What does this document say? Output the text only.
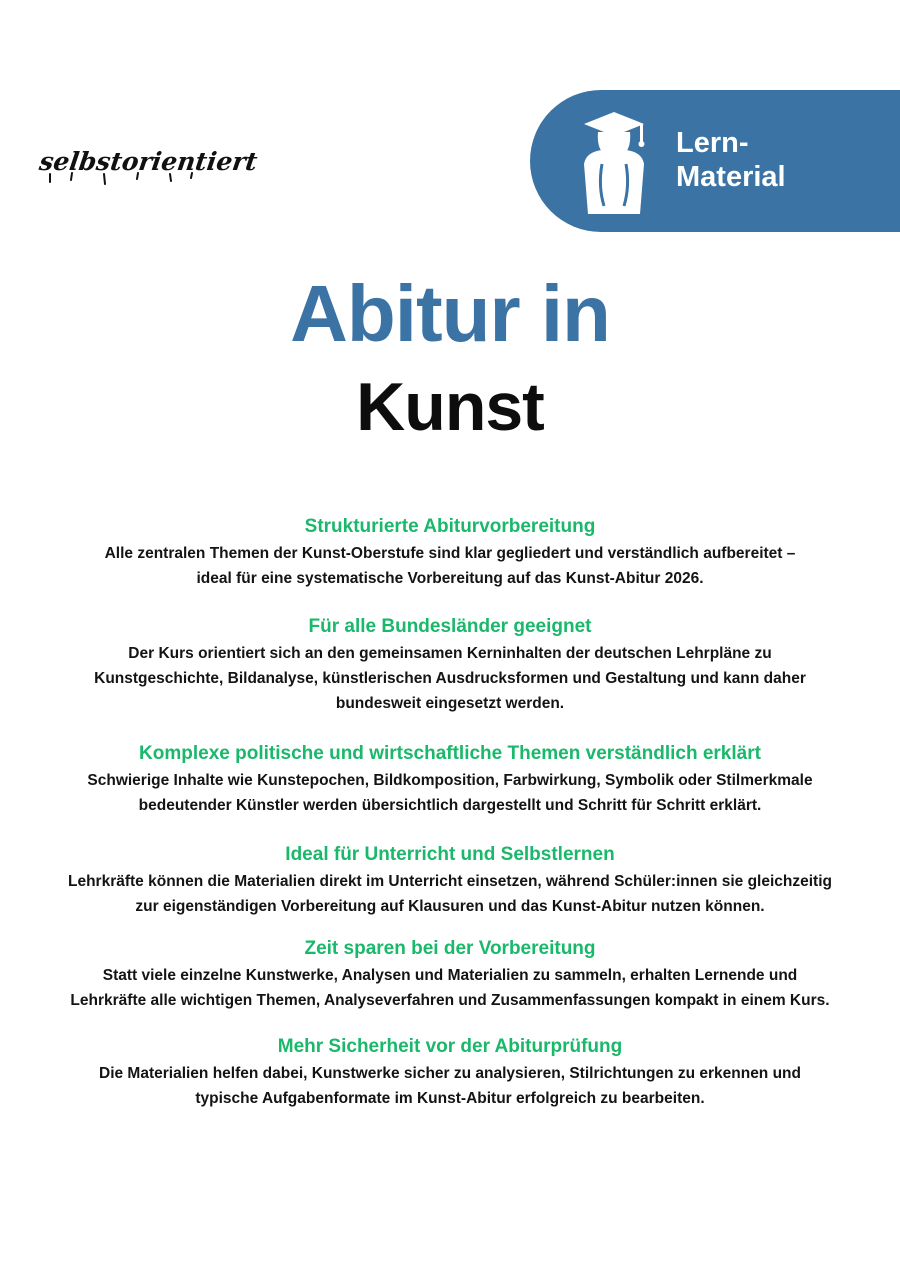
selbstorientiert
Lern-
Material
Abitur in
Kunst
Strukturierte Abiturvorbereitung

Alle zentralen Themen der Kunst-Oberstufe sind klar gegliedert und verständlich aufbereitet –
ideal für eine systematische Vorbereitung auf das Kunst-Abitur 2026.

Für alle Bundesländer geeignet

Der Kurs orientiert sich an den gemeinsamen Kerninhalten der deutschen Lehrpläne zu
Kunstgeschichte, Bildanalyse, künstlerischen Ausdrucksformen und Gestaltung und kann daher
bundesweit eingesetzt werden.

Komplexe politische und wirtschaftliche Themen verständlich erklärt

Schwierige Inhalte wie Kunstepochen, Bildkomposition, Farbwirkung, Symbolik oder Stilmerkmale
bedeutender Künstler werden übersichtlich dargestellt und Schritt für Schritt erklärt.

Ideal für Unterricht und Selbstlernen

Lehrkräfte können die Materialien direkt im Unterricht einsetzen, während Schüler:innen sie gleichzeitig
zur eigenständigen Vorbereitung auf Klausuren und das Kunst-Abitur nutzen können.

Zeit sparen bei der Vorbereitung

Statt viele einzelne Kunstwerke, Analysen und Materialien zu sammeln, erhalten Lernende und
Lehrkräfte alle wichtigen Themen, Analyseverfahren und Zusammenfassungen kompakt in einem Kurs.

Mehr Sicherheit vor der Abiturprüfung

Die Materialien helfen dabei, Kunstwerke sicher zu analysieren, Stilrichtungen zu erkennen und
typische Aufgabenformate im Kunst-Abitur erfolgreich zu bearbeiten.
